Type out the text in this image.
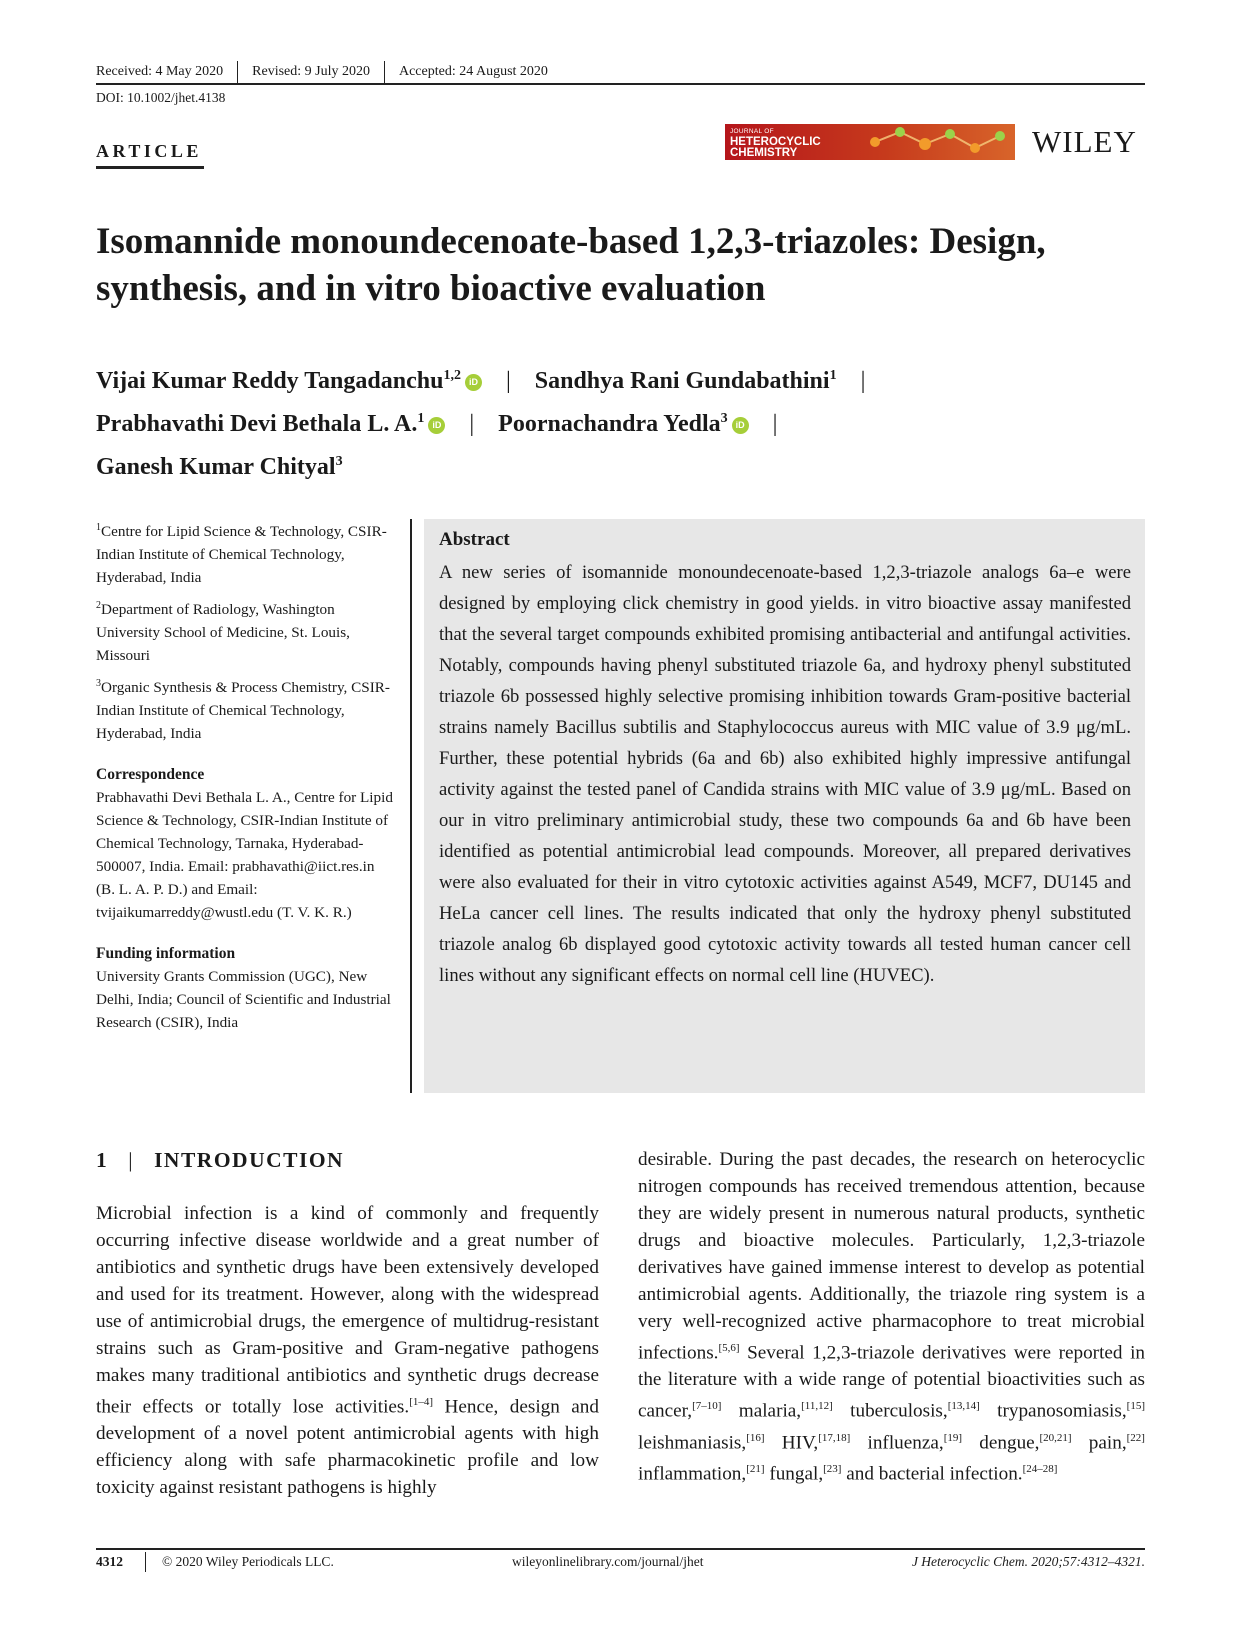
Received: 4 May 2020 Revised: 9 July 2020 Accepted: 24 August 2020
DOI: 10.1002/jhet.4138
ARTICLE
JOURNAL OF
HETEROCYCLIC
CHEMISTRY	WILEY
Isomannide monoundecenoate-based 1,2,3-triazoles: Design, synthesis, and in vitro bioactive evaluation
Vijai Kumar Reddy Tangadanchu$^{1,2}$ iD | Sandhya Rani Gundabathini$^1$ |
Prabhavathi Devi Bethala L. A.$^1$ iD | Poornachandra Yedla$^3$ iD |
Ganesh Kumar Chityal$^3$

$^1$Centre for Lipid Science & Technology, CSIR-Indian Institute of Chemical Technology, Hyderabad, India

$^2$Department of Radiology, Washington University School of Medicine, St. Louis, Missouri

$^3$Organic Synthesis & Process Chemistry, CSIR-Indian Institute of Chemical Technology, Hyderabad, India

Correspondence

Prabhavathi Devi Bethala L. A., Centre for Lipid Science & Technology, CSIR-Indian Institute of Chemical Technology, Tarnaka, Hyderabad-500007, India. Email: prabhavathi@iict.res.in (B. L. A. P. D.) and Email: tvijaikumarreddy@wustl.edu (T. V. K. R.)

Funding information

University Grants Commission (UGC), New Delhi, India; Council of Scientific and Industrial Research (CSIR), India

Abstract
A new series of isomannide monoundecenoate-based 1,2,3-triazole analogs 6a–e were designed by employing click chemistry in good yields. in vitro bioactive assay manifested that the several target compounds exhibited promising antibacterial and antifungal activities. Notably, compounds having phenyl substituted triazole 6a, and hydroxy phenyl substituted triazole 6b possessed highly selective promising inhibition towards Gram-positive bacterial strains namely Bacillus subtilis and Staphylococcus aureus with MIC value of 3.9 μg/mL. Further, these potential hybrids (6a and 6b) also exhibited highly impressive antifungal activity against the tested panel of Candida strains with MIC value of 3.9 μg/mL. Based on our in vitro preliminary antimicrobial study, these two compounds 6a and 6b have been identified as potential antimicrobial lead compounds. Moreover, all prepared derivatives were also evaluated for their in vitro cytotoxic activities against A549, MCF7, DU145 and HeLa cancer cell lines. The results indicated that only the hydroxy phenyl substituted triazole analog 6b displayed good cytotoxic activity towards all tested human cancer cell lines without any significant effects on normal cell line (HUVEC).
1 | INTRODUCTION
Microbial infection is a kind of commonly and frequently occurring infective disease worldwide and a great number of antibiotics and synthetic drugs have been extensively developed and used for its treatment. However, along with the widespread use of antimicrobial drugs, the emergence of multidrug-resistant strains such as Gram-positive and Gram-negative pathogens makes many traditional antibiotics and synthetic drugs decrease their effects or totally lose activities.[1–4] Hence, design and development of a novel potent antimicrobial agents with high efficiency along with safe pharmacokinetic profile and low toxicity against resistant pathogens is highly
desirable. During the past decades, the research on heterocyclic nitrogen compounds has received tremendous attention, because they are widely present in numerous natural products, synthetic drugs and bioactive molecules. Particularly, 1,2,3-triazole derivatives have gained immense interest to develop as potential antimicrobial agents. Additionally, the triazole ring system is a very well-recognized active pharmacophore to treat microbial infections.[5,6] Several 1,2,3-triazole derivatives were reported in the literature with a wide range of potential bioactivities such as cancer,[7–10] malaria,[11,12] tuberculosis,[13,14] trypanosomiasis,[15] leishmaniasis,[16] HIV,[17,18] influenza,[19] dengue,[20,21] pain,[22] inflammation,[21] fungal,[23] and bacterial infection.[24–28]
4312	© 2020 Wiley Periodicals LLC.	wileyonlinelibrary.com/journal/jhet	J Heterocyclic Chem. 2020;57:4312–4321.
